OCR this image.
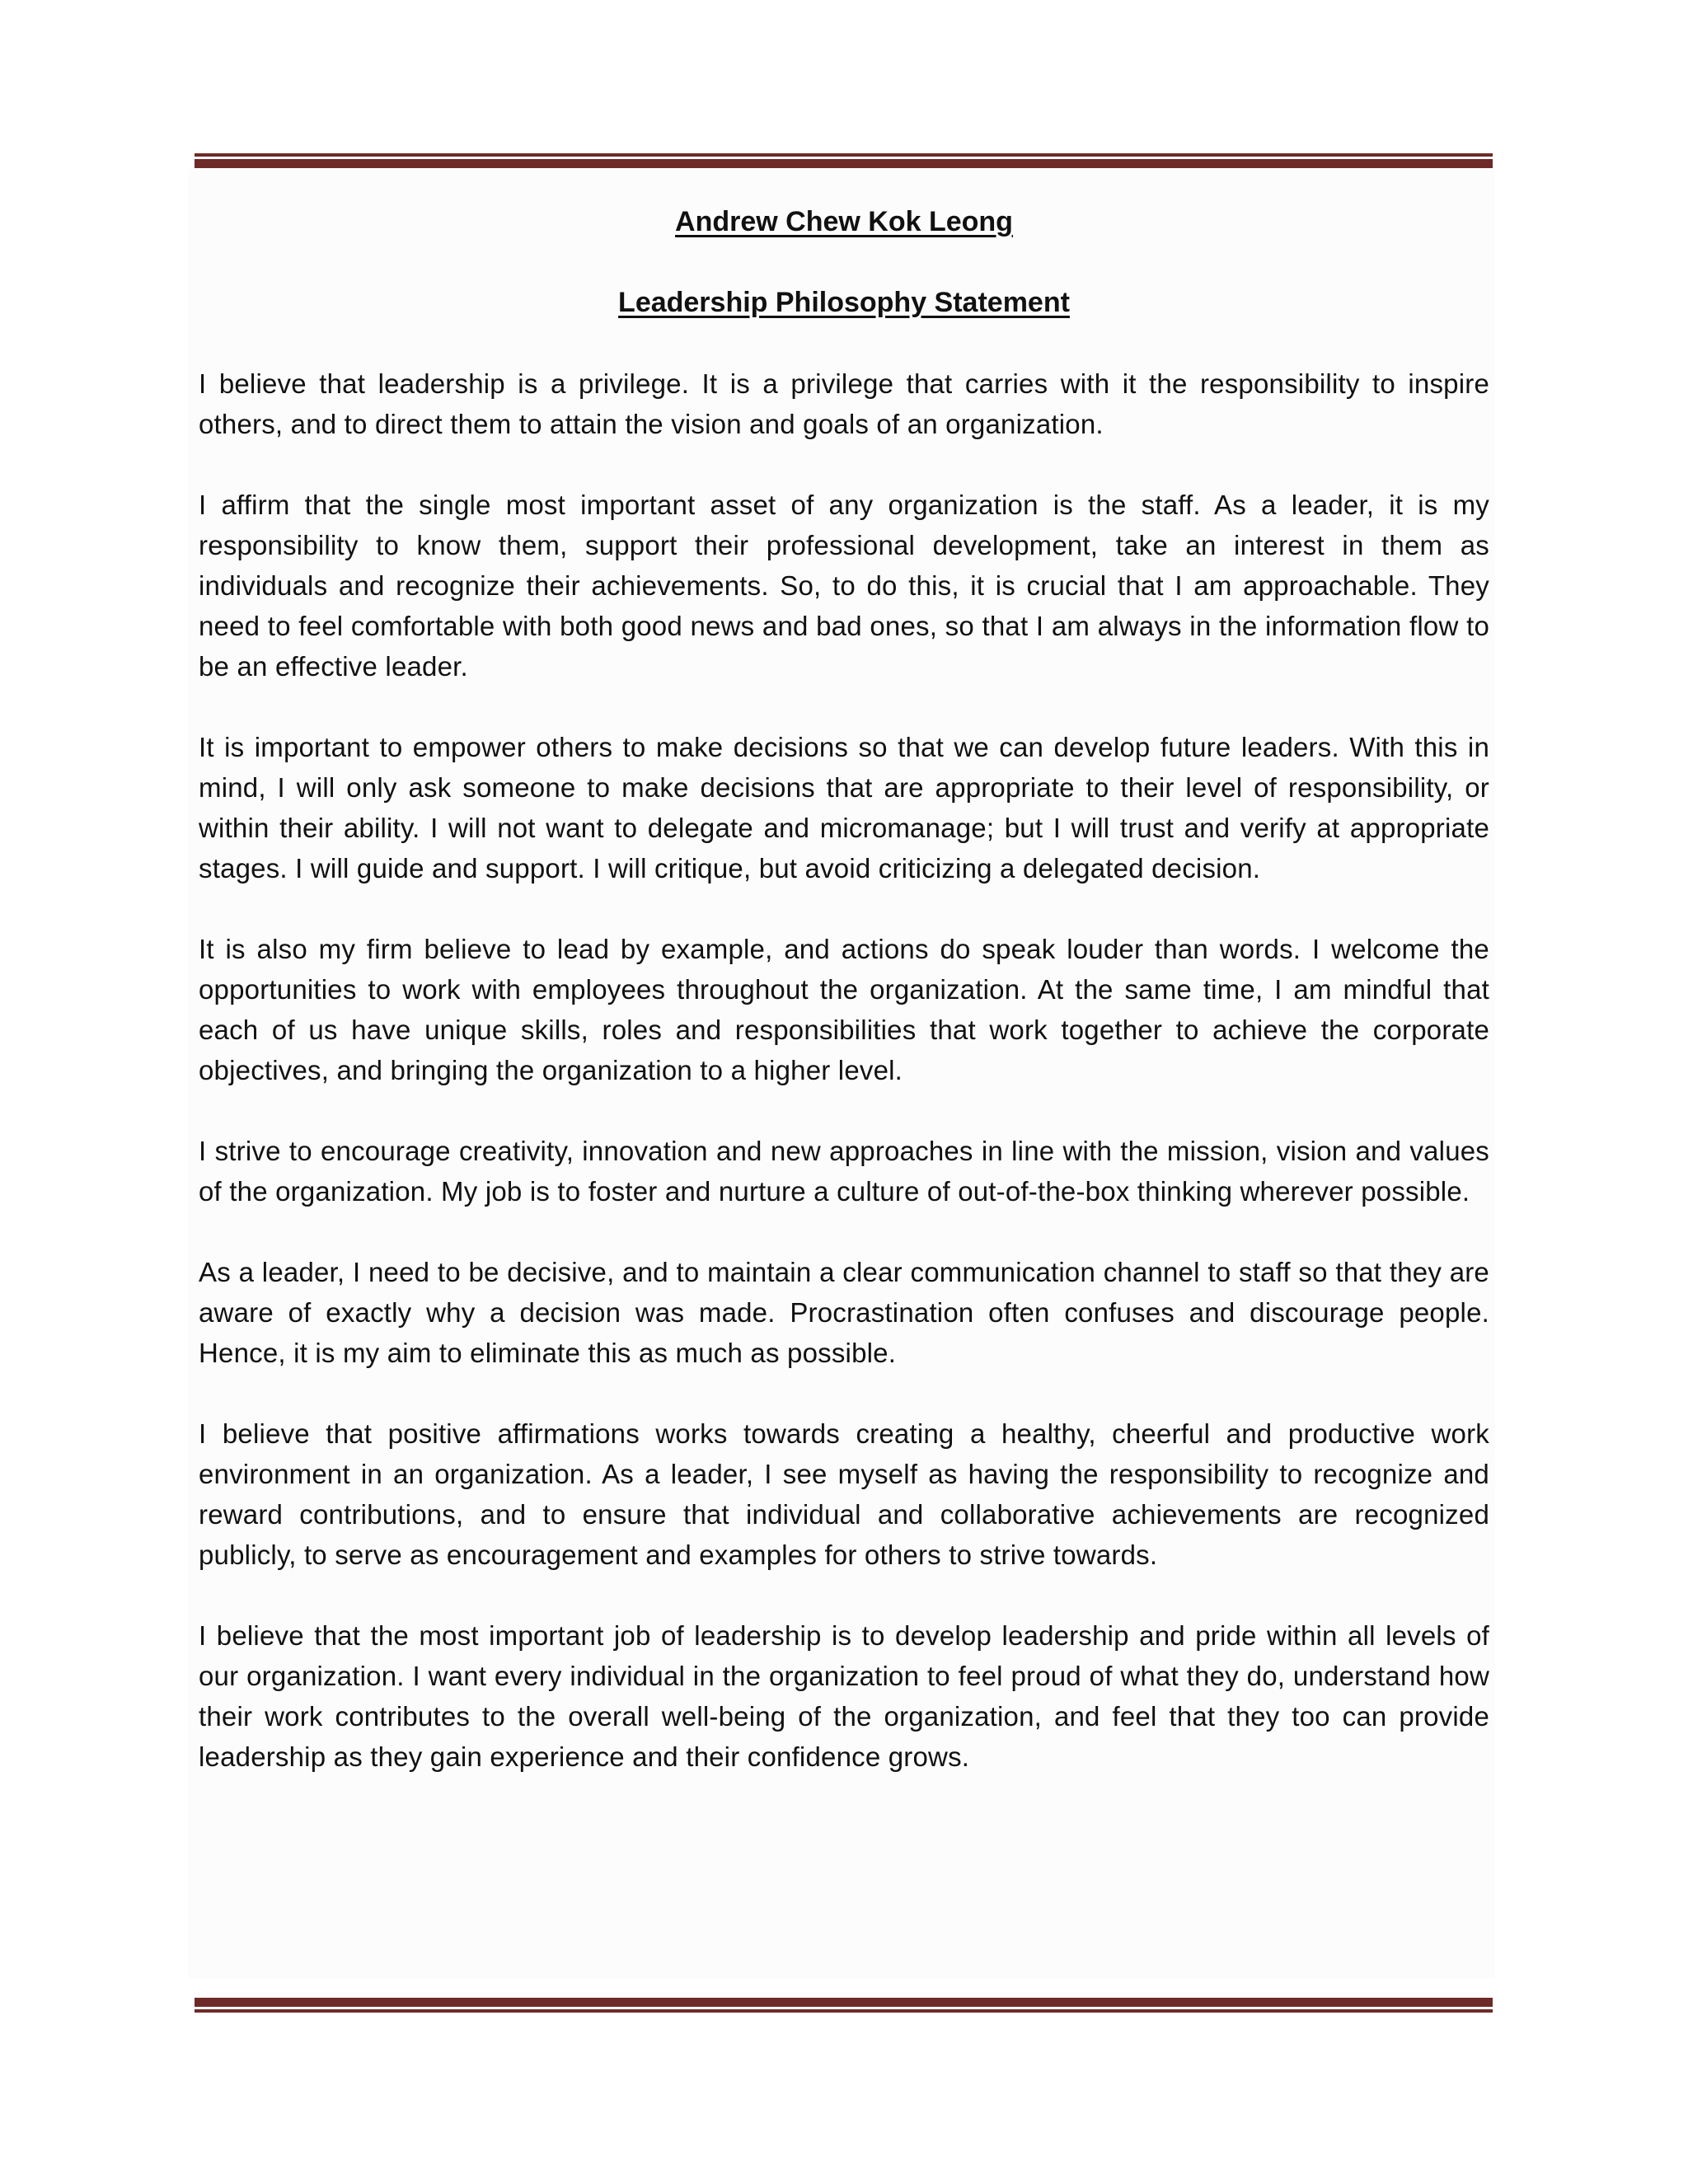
Andrew Chew Kok Leong

Leadership Philosophy Statement

I believe that leadership is a privilege. It is a privilege that carries with it the responsibility to inspire others, and to direct them to attain the vision and goals of an organization.

I affirm that the single most important asset of any organization is the staff. As a leader, it is my responsibility to know them, support their professional development, take an interest in them as individuals and recognize their achievements. So, to do this, it is crucial that I am approachable. They need to feel comfortable with both good news and bad ones, so that I am always in the information flow to be an effective leader.

It is important to empower others to make decisions so that we can develop future leaders. With this in mind, I will only ask someone to make decisions that are appropriate to their level of responsibility, or within their ability. I will not want to delegate and micromanage; but I will trust and verify at appropriate stages. I will guide and support. I will critique, but avoid criticizing a delegated decision.

It is also my firm believe to lead by example, and actions do speak louder than words. I welcome the opportunities to work with employees throughout the organization. At the same time, I am mindful that each of us have unique skills, roles and responsibilities that work together to achieve the corporate objectives, and bringing the organization to a higher level.

I strive to encourage creativity, innovation and new approaches in line with the mission, vision and values of the organization. My job is to foster and nurture a culture of out-of-the-box thinking wherever possible.

As a leader, I need to be decisive, and to maintain a clear communication channel to staff so that they are aware of exactly why a decision was made. Procrastination often confuses and discourage people. Hence, it is my aim to eliminate this as much as possible.

I believe that positive affirmations works towards creating a healthy, cheerful and productive work environment in an organization. As a leader, I see myself as having the responsibility to recognize and reward contributions, and to ensure that individual and collaborative achievements are recognized publicly, to serve as encouragement and examples for others to strive towards.

I believe that the most important job of leadership is to develop leadership and pride within all levels of our organization. I want every individual in the organization to feel proud of what they do, understand how their work contributes to the overall well-being of the organization, and feel that they too can provide leadership as they gain experience and their confidence grows.
